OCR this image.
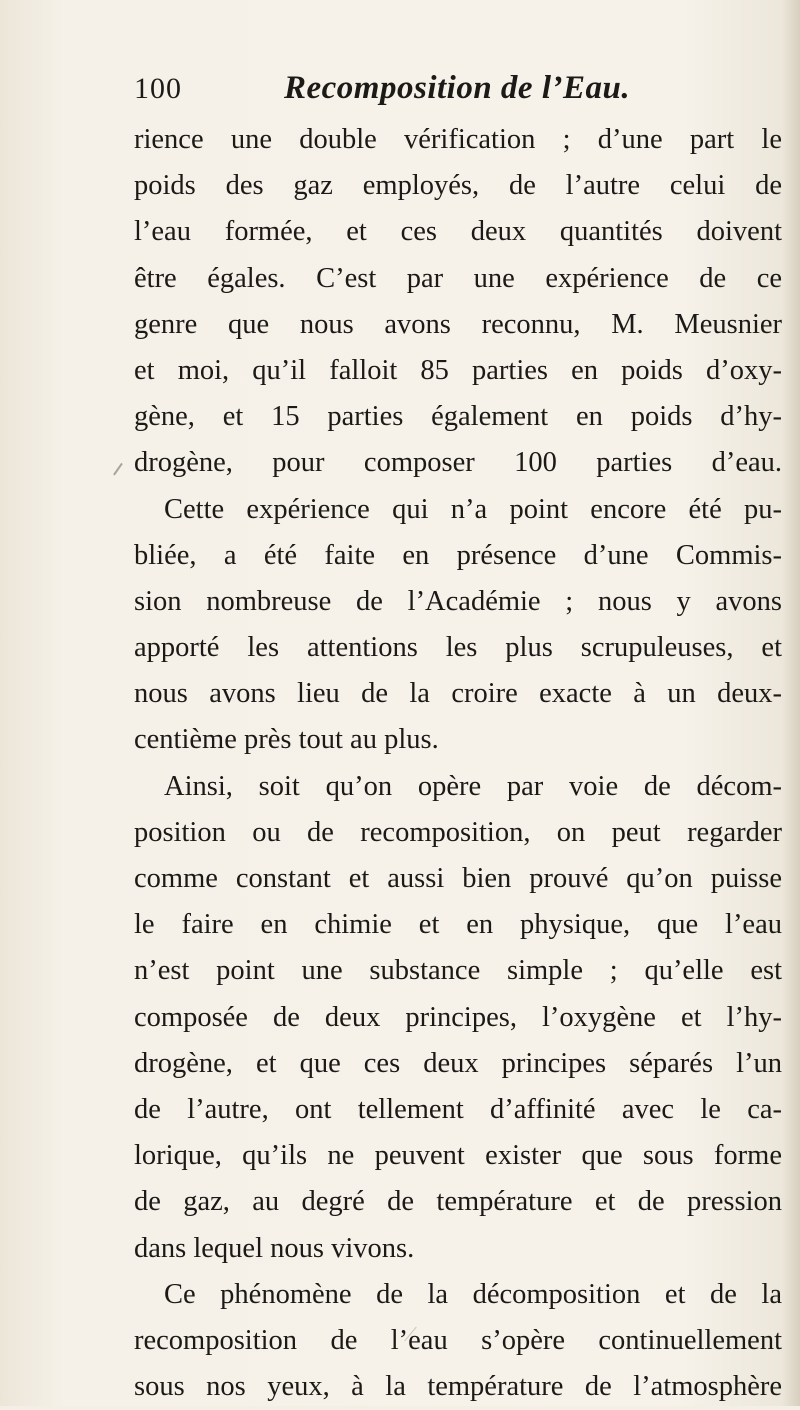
100	Recomposition de l’Eau.
rience une double vérification ; d’une part le
poids des gaz employés, de l’autre celui de
l’eau formée, et ces deux quantités doivent
être égales. C’est par une expérience de ce
genre que nous avons reconnu, M. Meusnier
et moi, qu’il falloit 85 parties en poids d’oxy-
gène, et 15 parties également en poids d’hy-
drogène, pour composer 100 parties d’eau.
Cette expérience qui n’a point encore été pu-
bliée, a été faite en présence d’une Commis-
sion nombreuse de l’Académie ; nous y avons
apporté les attentions les plus scrupuleuses, et
nous avons lieu de la croire exacte à un deux-
centième près tout au plus.
Ainsi, soit qu’on opère par voie de décom-
position ou de recomposition, on peut regarder
comme constant et aussi bien prouvé qu’on puisse
le faire en chimie et en physique, que l’eau
n’est point une substance simple ; qu’elle est
composée de deux principes, l’oxygène et l’hy-
drogène, et que ces deux principes séparés l’un
de l’autre, ont tellement d’affinité avec le ca-
lorique, qu’ils ne peuvent exister que sous forme
de gaz, au degré de température et de pression
dans lequel nous vivons.
Ce phénomène de la décomposition et de la
recomposition de l’eau s’opère continuellement
sous nos yeux, à la température de l’atmosphère
